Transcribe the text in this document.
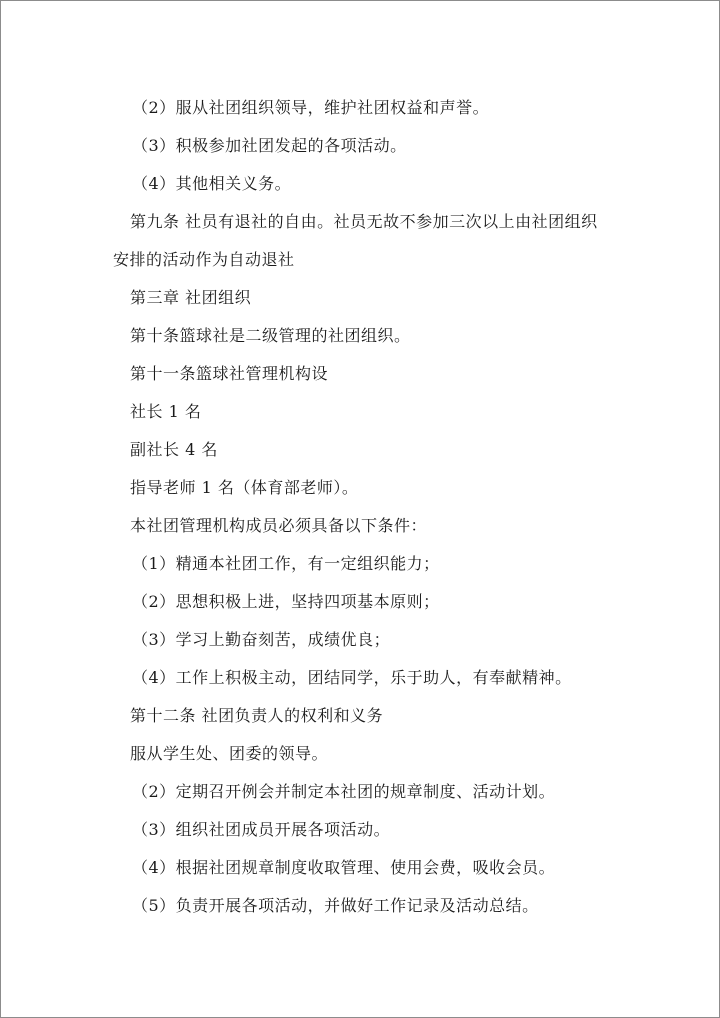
（2）服从社团组织领导，维护社团权益和声誉。
（3）积极参加社团发起的各项活动。
（4）其他相关义务。
第九条 社员有退社的自由。社员无故不参加三次以上由社团组织
安排的活动作为自动退社
第三章 社团组织
第十条篮球社是二级管理的社团组织。
第十一条篮球社管理机构设
社长 1 名
副社长 4 名
指导老师 1 名（体育部老师）。
本社团管理机构成员必须具备以下条件：
（1）精通本社团工作，有一定组织能力；
（2）思想积极上进，坚持四项基本原则；
（3）学习上勤奋刻苦，成绩优良；
（4）工作上积极主动，团结同学，乐于助人，有奉献精神。
第十二条 社团负责人的权利和义务
服从学生处、团委的领导。
（2）定期召开例会并制定本社团的规章制度、活动计划。
（3）组织社团成员开展各项活动。
（4）根据社团规章制度收取管理、使用会费，吸收会员。
（5）负责开展各项活动，并做好工作记录及活动总结。
